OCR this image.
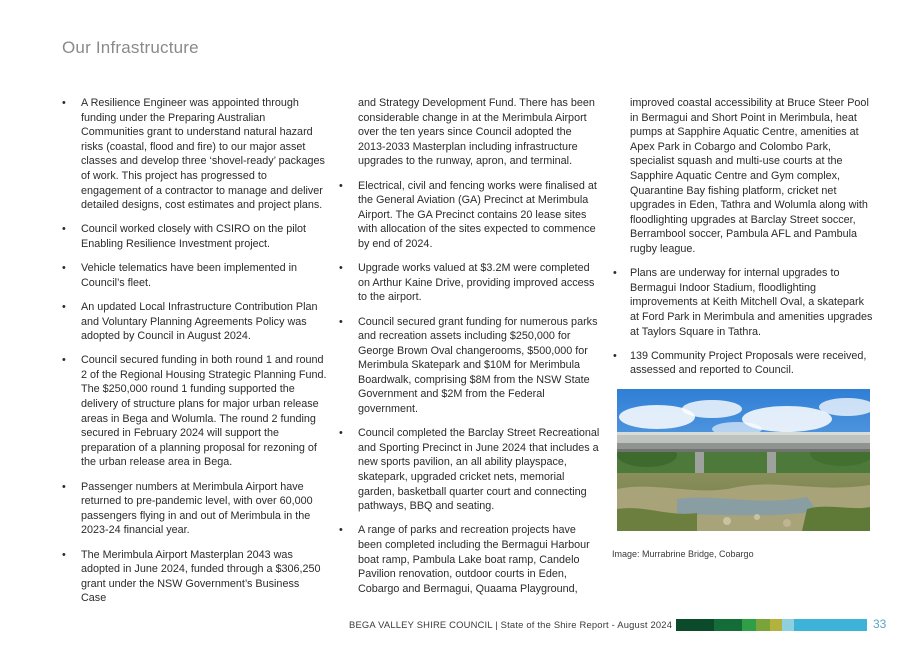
Our Infrastructure
• A Resilience Engineer was appointed through funding under the Preparing Australian Communities grant to understand natural hazard risks (coastal, flood and fire) to our major asset classes and develop three ‘shovel-ready’ packages of work. This project has progressed to engagement of a contractor to manage and deliver detailed designs, cost estimates and project plans.
• Council worked closely with CSIRO on the pilot Enabling Resilience Investment project.
• Vehicle telematics have been implemented in Council’s fleet.
• An updated Local Infrastructure Contribution Plan and Voluntary Planning Agreements Policy was adopted by Council in August 2024.
• Council secured funding in both round 1 and round 2 of the Regional Housing Strategic Planning Fund. The $250,000 round 1 funding supported the delivery of structure plans for major urban release areas in Bega and Wolumla. The round 2 funding secured in February 2024 will support the preparation of a planning proposal for rezoning of the urban release area in Bega.
• Passenger numbers at Merimbula Airport have returned to pre-pandemic level, with over 60,000 passengers flying in and out of Merimbula in the 2023-24 financial year.
• The Merimbula Airport Masterplan 2043 was adopted in June 2024, funded through a $306,250 grant under the NSW Government’s Business Case
and Strategy Development Fund. There has been considerable change in at the Merimbula Airport over the ten years since Council adopted the 2013-2033 Masterplan including infrastructure upgrades to the runway, apron, and terminal.
• Electrical, civil and fencing works were finalised at the General Aviation (GA) Precinct at Merimbula Airport. The GA Precinct contains 20 lease sites with allocation of the sites expected to commence by end of 2024.
• Upgrade works valued at $3.2M were completed on Arthur Kaine Drive, providing improved access to the airport.
• Council secured grant funding for numerous parks and recreation assets including $250,000 for George Brown Oval changerooms, $500,000 for Merimbula Skatepark and $10M for Merimbula Boardwalk, comprising $8M from the NSW State Government and $2M from the Federal government.
• Council completed the Barclay Street Recreational and Sporting Precinct in June 2024 that includes a new sports pavilion, an all ability playspace, skatepark, upgraded cricket nets, memorial garden, basketball quarter court and connecting pathways, BBQ and seating.
• A range of parks and recreation projects have been completed including the Bermagui Harbour boat ramp, Pambula Lake boat ramp, Candelo Pavilion renovation, outdoor courts in Eden, Cobargo and Bermagui, Quaama Playground,
improved coastal accessibility at Bruce Steer Pool in Bermagui and Short Point in Merimbula, heat pumps at Sapphire Aquatic Centre, amenities at Apex Park in Cobargo and Colombo Park, specialist squash and multi-use courts at the Sapphire Aquatic Centre and Gym complex, Quarantine Bay fishing platform, cricket net upgrades in Eden, Tathra and Wolumla along with floodlighting upgrades at Barclay Street soccer, Berrambool soccer, Pambula AFL and Pambula rugby league.
• Plans are underway for internal upgrades to Bermagui Indoor Stadium, floodlighting improvements at Keith Mitchell Oval, a skatepark at Ford Park in Merimbula and amenities upgrades at Taylors Square in Tathra.
• 139 Community Project Proposals were received, assessed and reported to Council.
Image: Murrabrine Bridge, Cobargo
BEGA VALLEY SHIRE COUNCIL | State of the Shire Report - August 2024	33
